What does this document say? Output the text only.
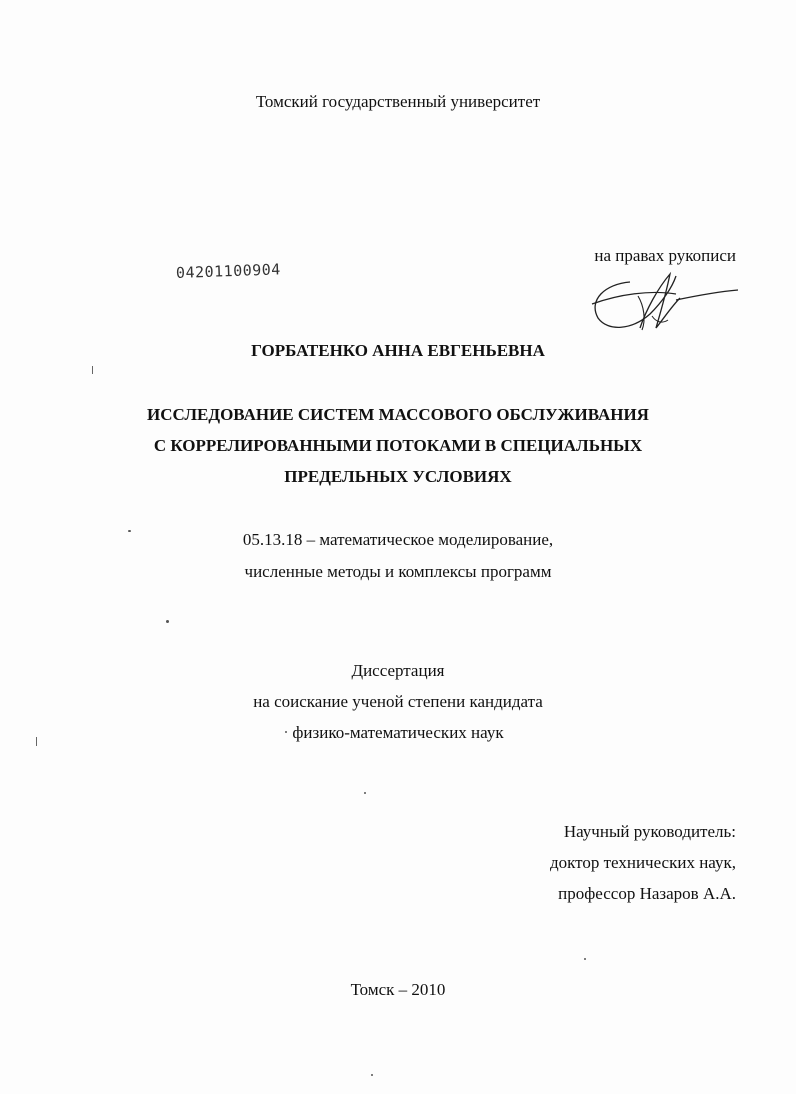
Томский государственный университет
04201100904
на правах рукописи
ГОРБАТЕНКО АННА ЕВГЕНЬЕВНА
ИССЛЕДОВАНИЕ СИСТЕМ МАССОВОГО ОБСЛУЖИВАНИЯ
С КОРРЕЛИРОВАННЫМИ ПОТОКАМИ В СПЕЦИАЛЬНЫХ
ПРЕДЕЛЬНЫХ УСЛОВИЯХ
05.13.18 – математическое моделирование,
численные методы и комплексы программ
Диссертация
на соискание ученой степени кандидата
физико-математических наук
Научный руководитель:
доктор технических наук,
профессор Назаров А.А.
Томск – 2010
